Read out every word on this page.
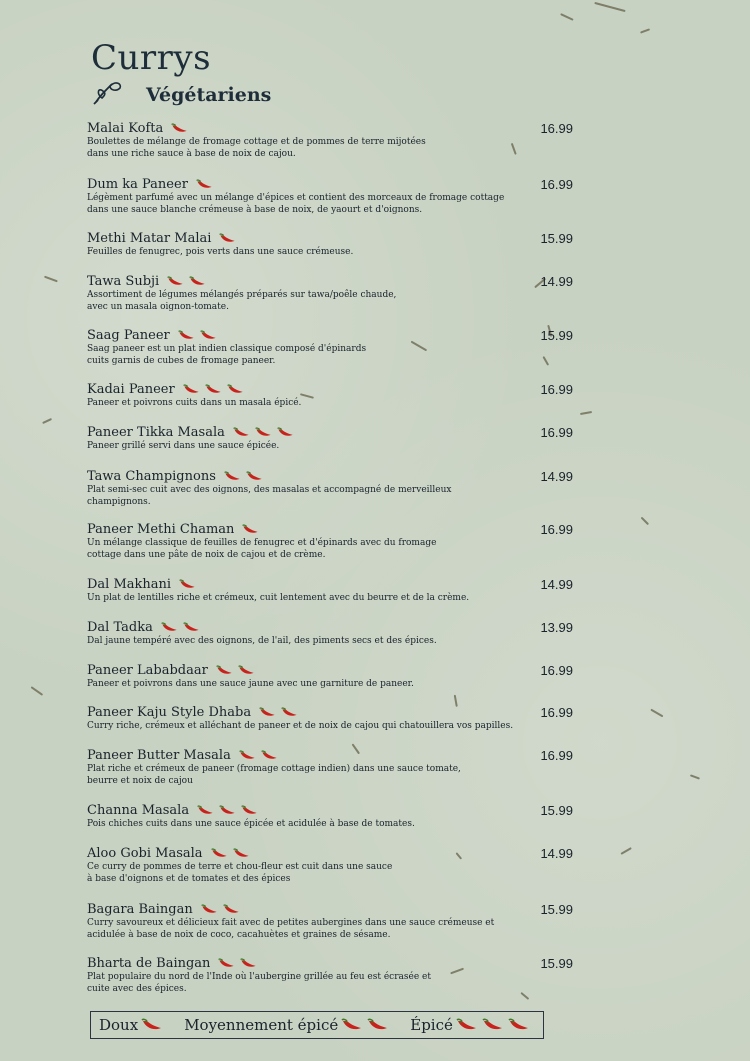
Currys
Végétariens
Malai Kofta	16.99
Boulettes de mélange de fromage cottage et de pommes de terre mijotées
dans une riche sauce à base de noix de cajou.
Dum ka Paneer	16.99
Légèment parfumé avec un mélange d'épices et contient des morceaux de fromage cottage
dans une sauce blanche crémeuse à base de noix, de yaourt et d'oignons.
Methi Matar Malai	15.99
Feuilles de fenugrec, pois verts dans une sauce crémeuse.
Tawa Subji	14.99
Assortiment de légumes mélangés préparés sur tawa/poêle chaude,
avec un masala oignon-tomate.
Saag Paneer	15.99
Saag paneer est un plat indien classique composé d'épinards
cuits garnis de cubes de fromage paneer.
Kadai Paneer	16.99
Paneer et poivrons cuits dans un masala épicé.
Paneer Tikka Masala	16.99
Paneer grillé servi dans une sauce épicée.
Tawa Champignons	14.99
Plat semi-sec cuit avec des oignons, des masalas et accompagné de merveilleux
champignons.
Paneer Methi Chaman	16.99
Un mélange classique de feuilles de fenugrec et d'épinards avec du fromage
cottage dans une pâte de noix de cajou et de crème.
Dal Makhani	14.99
Un plat de lentilles riche et crémeux, cuit lentement avec du beurre et de la crème.
Dal Tadka	13.99
Dal jaune tempéré avec des oignons, de l'ail, des piments secs et des épices.
Paneer Lababdaar	16.99
Paneer et poivrons dans une sauce jaune avec une garniture de paneer.
Paneer Kaju Style Dhaba	16.99
Curry riche, crémeux et alléchant de paneer et de noix de cajou qui chatouillera vos papilles.
Paneer Butter Masala	16.99
Plat riche et crémeux de paneer (fromage cottage indien) dans une sauce tomate,
beurre et noix de cajou
Channa Masala	15.99
Pois chiches cuits dans une sauce épicée et acidulée à base de tomates.
Aloo Gobi Masala	14.99
Ce curry de pommes de terre et chou-fleur est cuit dans une sauce
à base d'oignons et de tomates et des épices
Bagara Baingan	15.99
Curry savoureux et délicieux fait avec de petites aubergines dans une sauce crémeuse et
acidulée à base de noix de coco, cacahuètes et graines de sésame.
Bharta de Baingan	15.99
Plat populaire du nord de l'Inde où l'aubergine grillée au feu est écrasée et
cuite avec des épices.
Doux	Moyennement épicé	Épicé
